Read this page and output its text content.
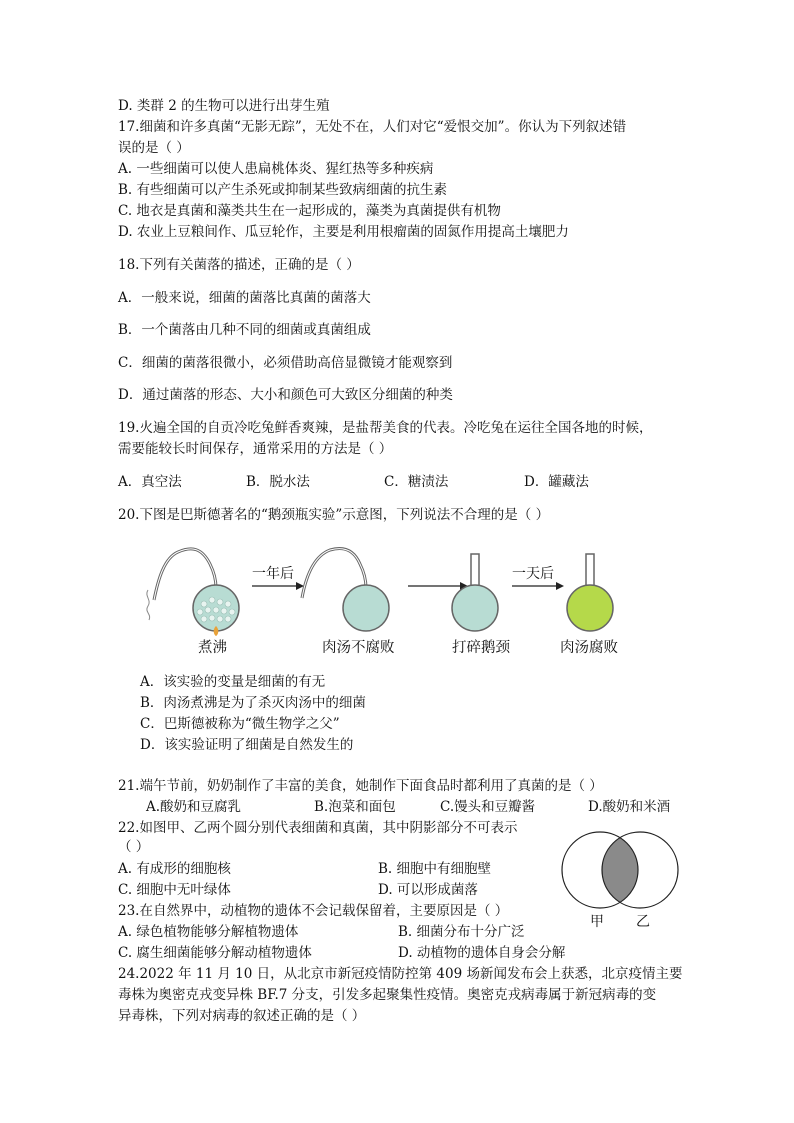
D. 类群 2 的生物可以进行出芽生殖
17.细菌和许多真菌“无影无踪”，无处不在，人们对它“爱恨交加”。你认为下列叙述错
误的是（ ）
A. 一些细菌可以使人患扁桃体炎、猩红热等多种疾病
B. 有些细菌可以产生杀死或抑制某些致病细菌的抗生素
C. 地衣是真菌和藻类共生在一起形成的，藻类为真菌提供有机物
D. 农业上豆粮间作、瓜豆轮作，主要是利用根瘤菌的固氮作用提高土壤肥力
18.下列有关菌落的描述，正确的是（ ）
A．一般来说，细菌的菌落比真菌的菌落大
B．一个菌落由几种不同的细菌或真菌组成
C．细菌的菌落很微小，必须借助高倍显微镜才能观察到
D．通过菌落的形态、大小和颜色可大致区分细菌的种类
19.火遍全国的自贡冷吃兔鲜香爽辣，是盐帮美食的代表。冷吃兔在运往全国各地的时候，
需要能较长时间保存，通常采用的方法是（ ）
A．真空法	B．脱水法	C．糖渍法	D．罐藏法
20.下图是巴斯德著名的“鹅颈瓶实验”示意图，下列说法不合理的是（ ）
一年后	一天后
煮沸	肉汤不腐败	打碎鹅颈	肉汤腐败
A．该实验的变量是细菌的有无
B．肉汤煮沸是为了杀灭肉汤中的细菌
C．巴斯德被称为“微生物学之父”
D．该实验证明了细菌是自然发生的
21.端午节前，奶奶制作了丰富的美食，她制作下面食品时都利用了真菌的是（ ）
A.酸奶和豆腐乳	B.泡菜和面包	C.馒头和豆瓣酱	D.酸奶和米酒
22.如图甲、乙两个圆分别代表细菌和真菌，其中阴影部分不可表示
（ ）
A. 有成形的细胞核	B. 细胞中有细胞壁
C. 细胞中无叶绿体	D. 可以形成菌落
甲 乙
23.在自然界中，动植物的遗体不会记载保留着，主要原因是（ ）
A. 绿色植物能够分解植物遗体	B. 细菌分布十分广泛
C. 腐生细菌能够分解动植物遗体	D. 动植物的遗体自身会分解
24.2022 年 11 月 10 日，从北京市新冠疫情防控第 409 场新闻发布会上获悉，北京疫情主要
毒株为奥密克戎变异株 BF.7 分支，引发多起聚集性疫情。奥密克戎病毒属于新冠病毒的变
异毒株，下列对病毒的叙述正确的是（ ）
